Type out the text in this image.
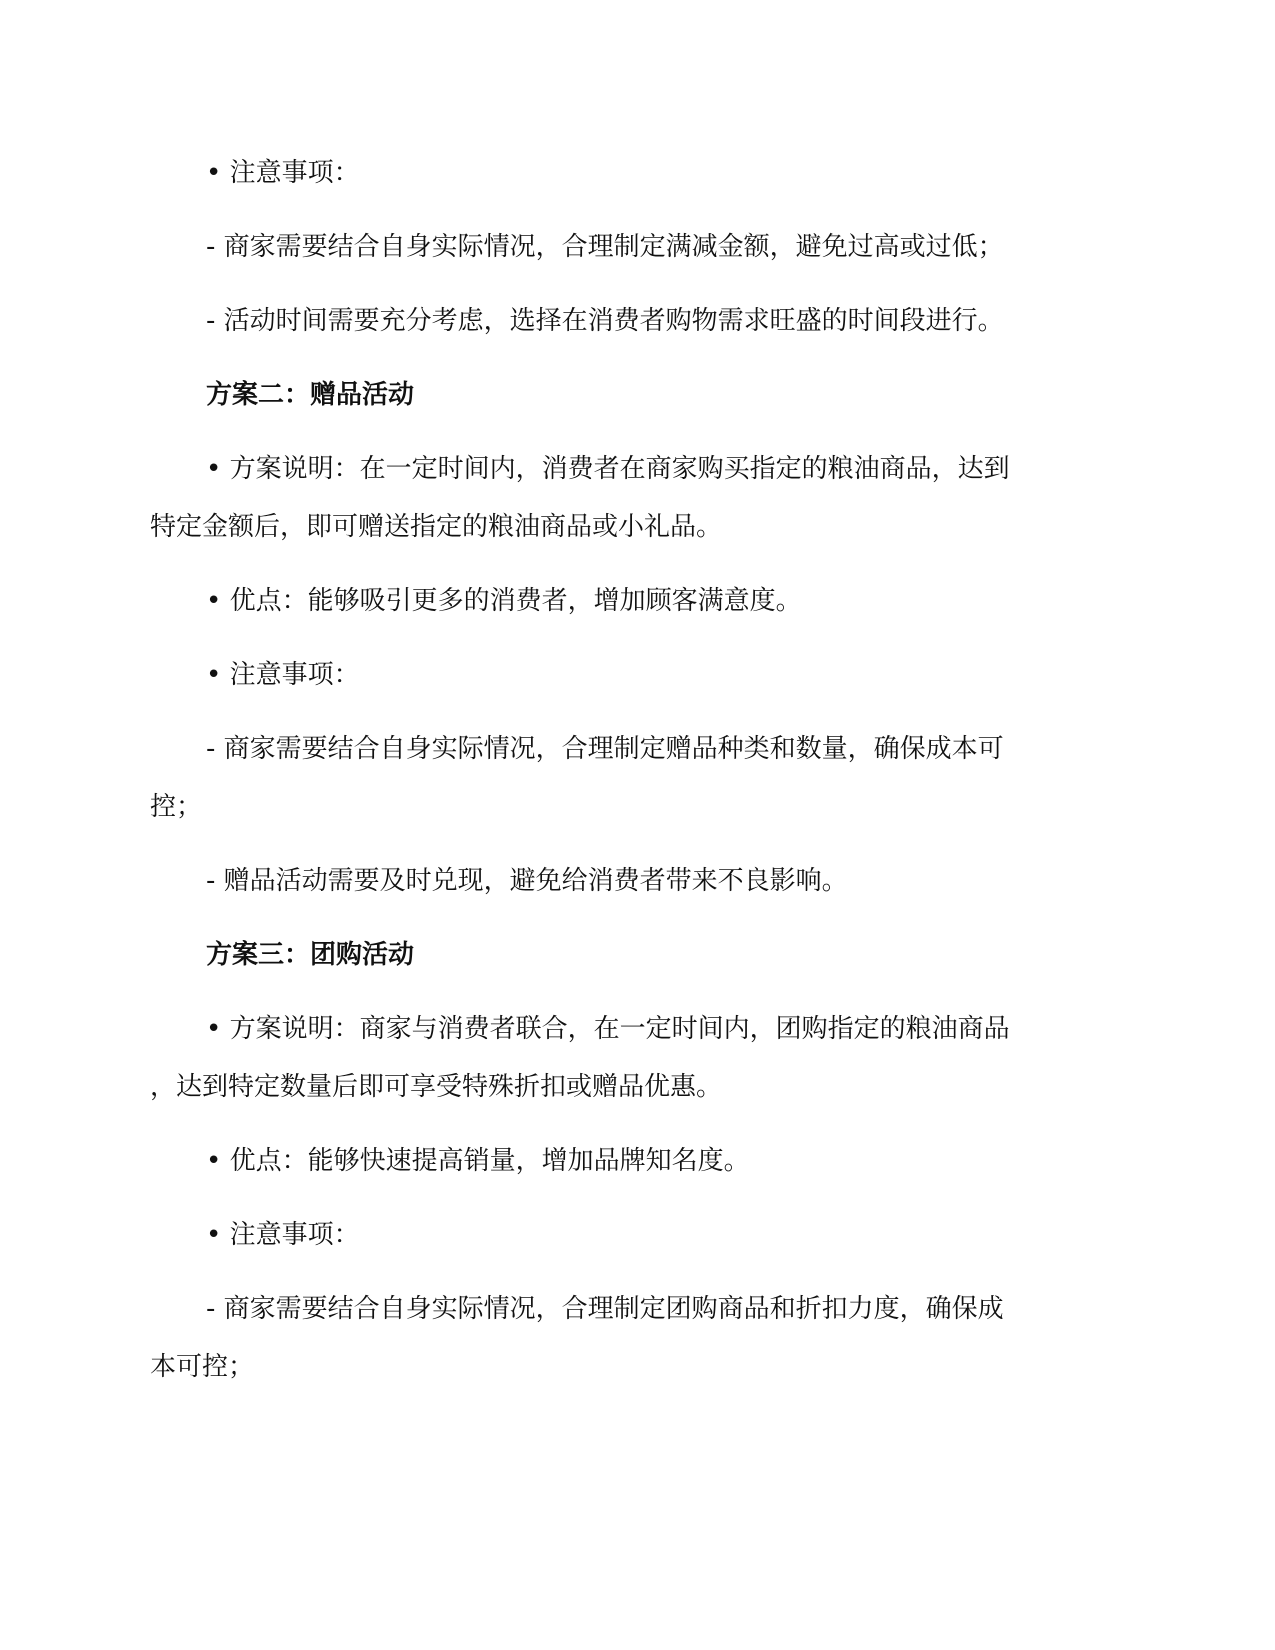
• 注意事项：
- 商家需要结合自身实际情况，合理制定满减金额，避免过高或过低；
- 活动时间需要充分考虑，选择在消费者购物需求旺盛的时间段进行。
方案二：赠品活动
• 方案说明：在一定时间内，消费者在商家购买指定的粮油商品，达到
特定金额后，即可赠送指定的粮油商品或小礼品。
• 优点：能够吸引更多的消费者，增加顾客满意度。
• 注意事项：
- 商家需要结合自身实际情况，合理制定赠品种类和数量，确保成本可
控；
- 赠品活动需要及时兑现，避免给消费者带来不良影响。
方案三：团购活动
• 方案说明：商家与消费者联合，在一定时间内，团购指定的粮油商品
，达到特定数量后即可享受特殊折扣或赠品优惠。
• 优点：能够快速提高销量，增加品牌知名度。
• 注意事项：
- 商家需要结合自身实际情况，合理制定团购商品和折扣力度，确保成
本可控；
